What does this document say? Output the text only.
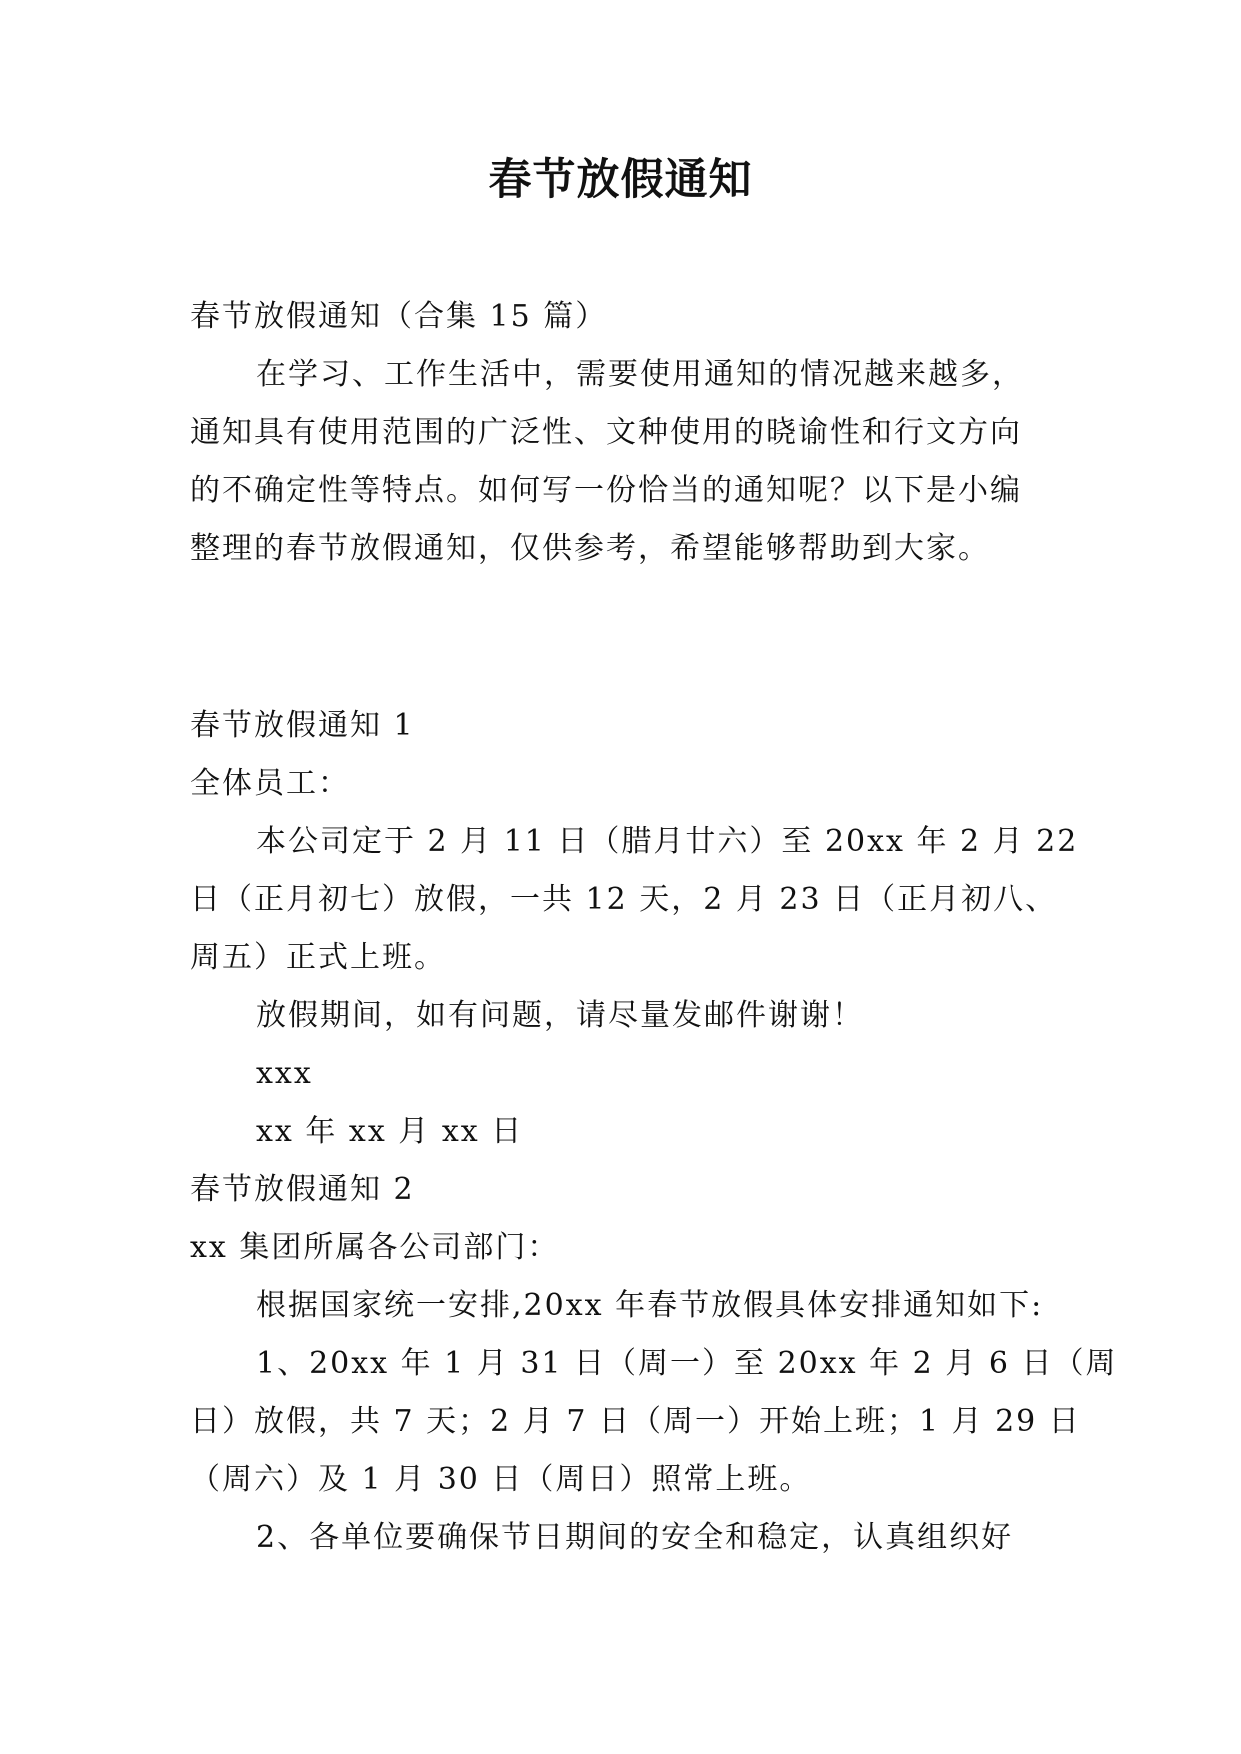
春节放假通知

春节放假通知（合集 15 篇）

在学习、工作生活中，需要使用通知的情况越来越多，

通知具有使用范围的广泛性、文种使用的晓谕性和行文方向

的不确定性等特点。如何写一份恰当的通知呢？以下是小编

整理的春节放假通知，仅供参考，希望能够帮助到大家。

春节放假通知 1

全体员工：

本公司定于 2 月 11 日（腊月廿六）至 20xx 年 2 月 22

日（正月初七）放假，一共 12 天，2 月 23 日（正月初八、

周五）正式上班。

放假期间，如有问题，请尽量发邮件谢谢！

xxx

xx 年 xx 月 xx 日

春节放假通知 2

xx 集团所属各公司部门：

根据国家统一安排,20xx 年春节放假具体安排通知如下:

1、20xx 年 1 月 31 日（周一）至 20xx 年 2 月 6 日（周

日）放假，共 7 天；2 月 7 日（周一）开始上班；1 月 29 日

（周六）及 1 月 30 日（周日）照常上班。

2、各单位要确保节日期间的安全和稳定，认真组织好
